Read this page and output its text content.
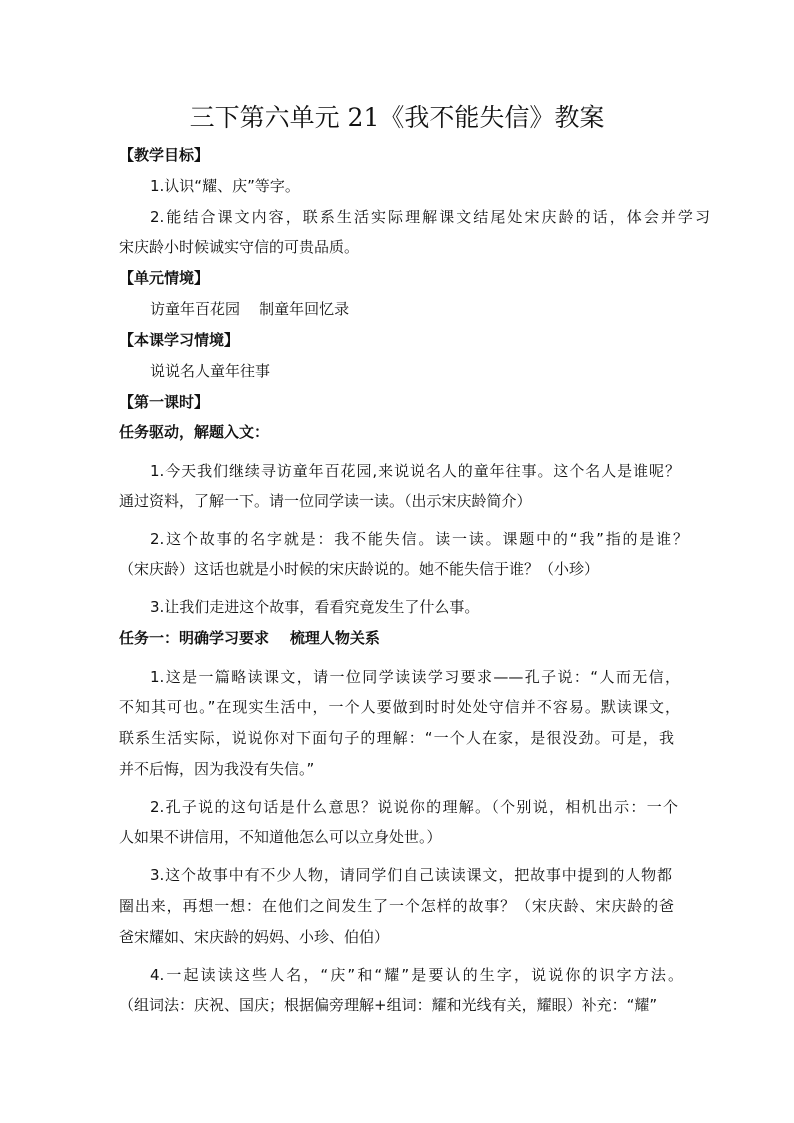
三下第六单元 21《我不能失信》教案
【教学目标】
1.认识“耀、庆”等字。
2.能结合课文内容，联系生活实际理解课文结尾处宋庆龄的话，体会并学习
宋庆龄小时候诚实守信的可贵品质。
【单元情境】
访童年百花园    制童年回忆录
【本课学习情境】
说说名人童年往事
【第一课时】
任务驱动，解题入文：
1.今天我们继续寻访童年百花园,来说说名人的童年往事。这个名人是谁呢？
通过资料，了解一下。请一位同学读一读。（出示宋庆龄简介）
2.这个故事的名字就是：我不能失信。读一读。课题中的“我”指的是谁？
（宋庆龄）这话也就是小时候的宋庆龄说的。她不能失信于谁？（小珍）
3.让我们走进这个故事，看看究竟发生了什么事。
任务一：明确学习要求    梳理人物关系
1.这是一篇略读课文，请一位同学读读学习要求——孔子说：“人而无信，
不知其可也。”在现实生活中，一个人要做到时时处处守信并不容易。默读课文，
联系生活实际，说说你对下面句子的理解：“一个人在家，是很没劲。可是，我
并不后悔，因为我没有失信。”
2.孔子说的这句话是什么意思？说说你的理解。（个别说，相机出示：一个
人如果不讲信用，不知道他怎么可以立身处世。）
3.这个故事中有不少人物，请同学们自己读读课文，把故事中提到的人物都
圈出来，再想一想：在他们之间发生了一个怎样的故事？（宋庆龄、宋庆龄的爸
爸宋耀如、宋庆龄的妈妈、小珍、伯伯）
4.一起读读这些人名，“庆”和“耀”是要认的生字，说说你的识字方法。
（组词法：庆祝、国庆；根据偏旁理解+组词：耀和光线有关，耀眼）补充：“耀”
